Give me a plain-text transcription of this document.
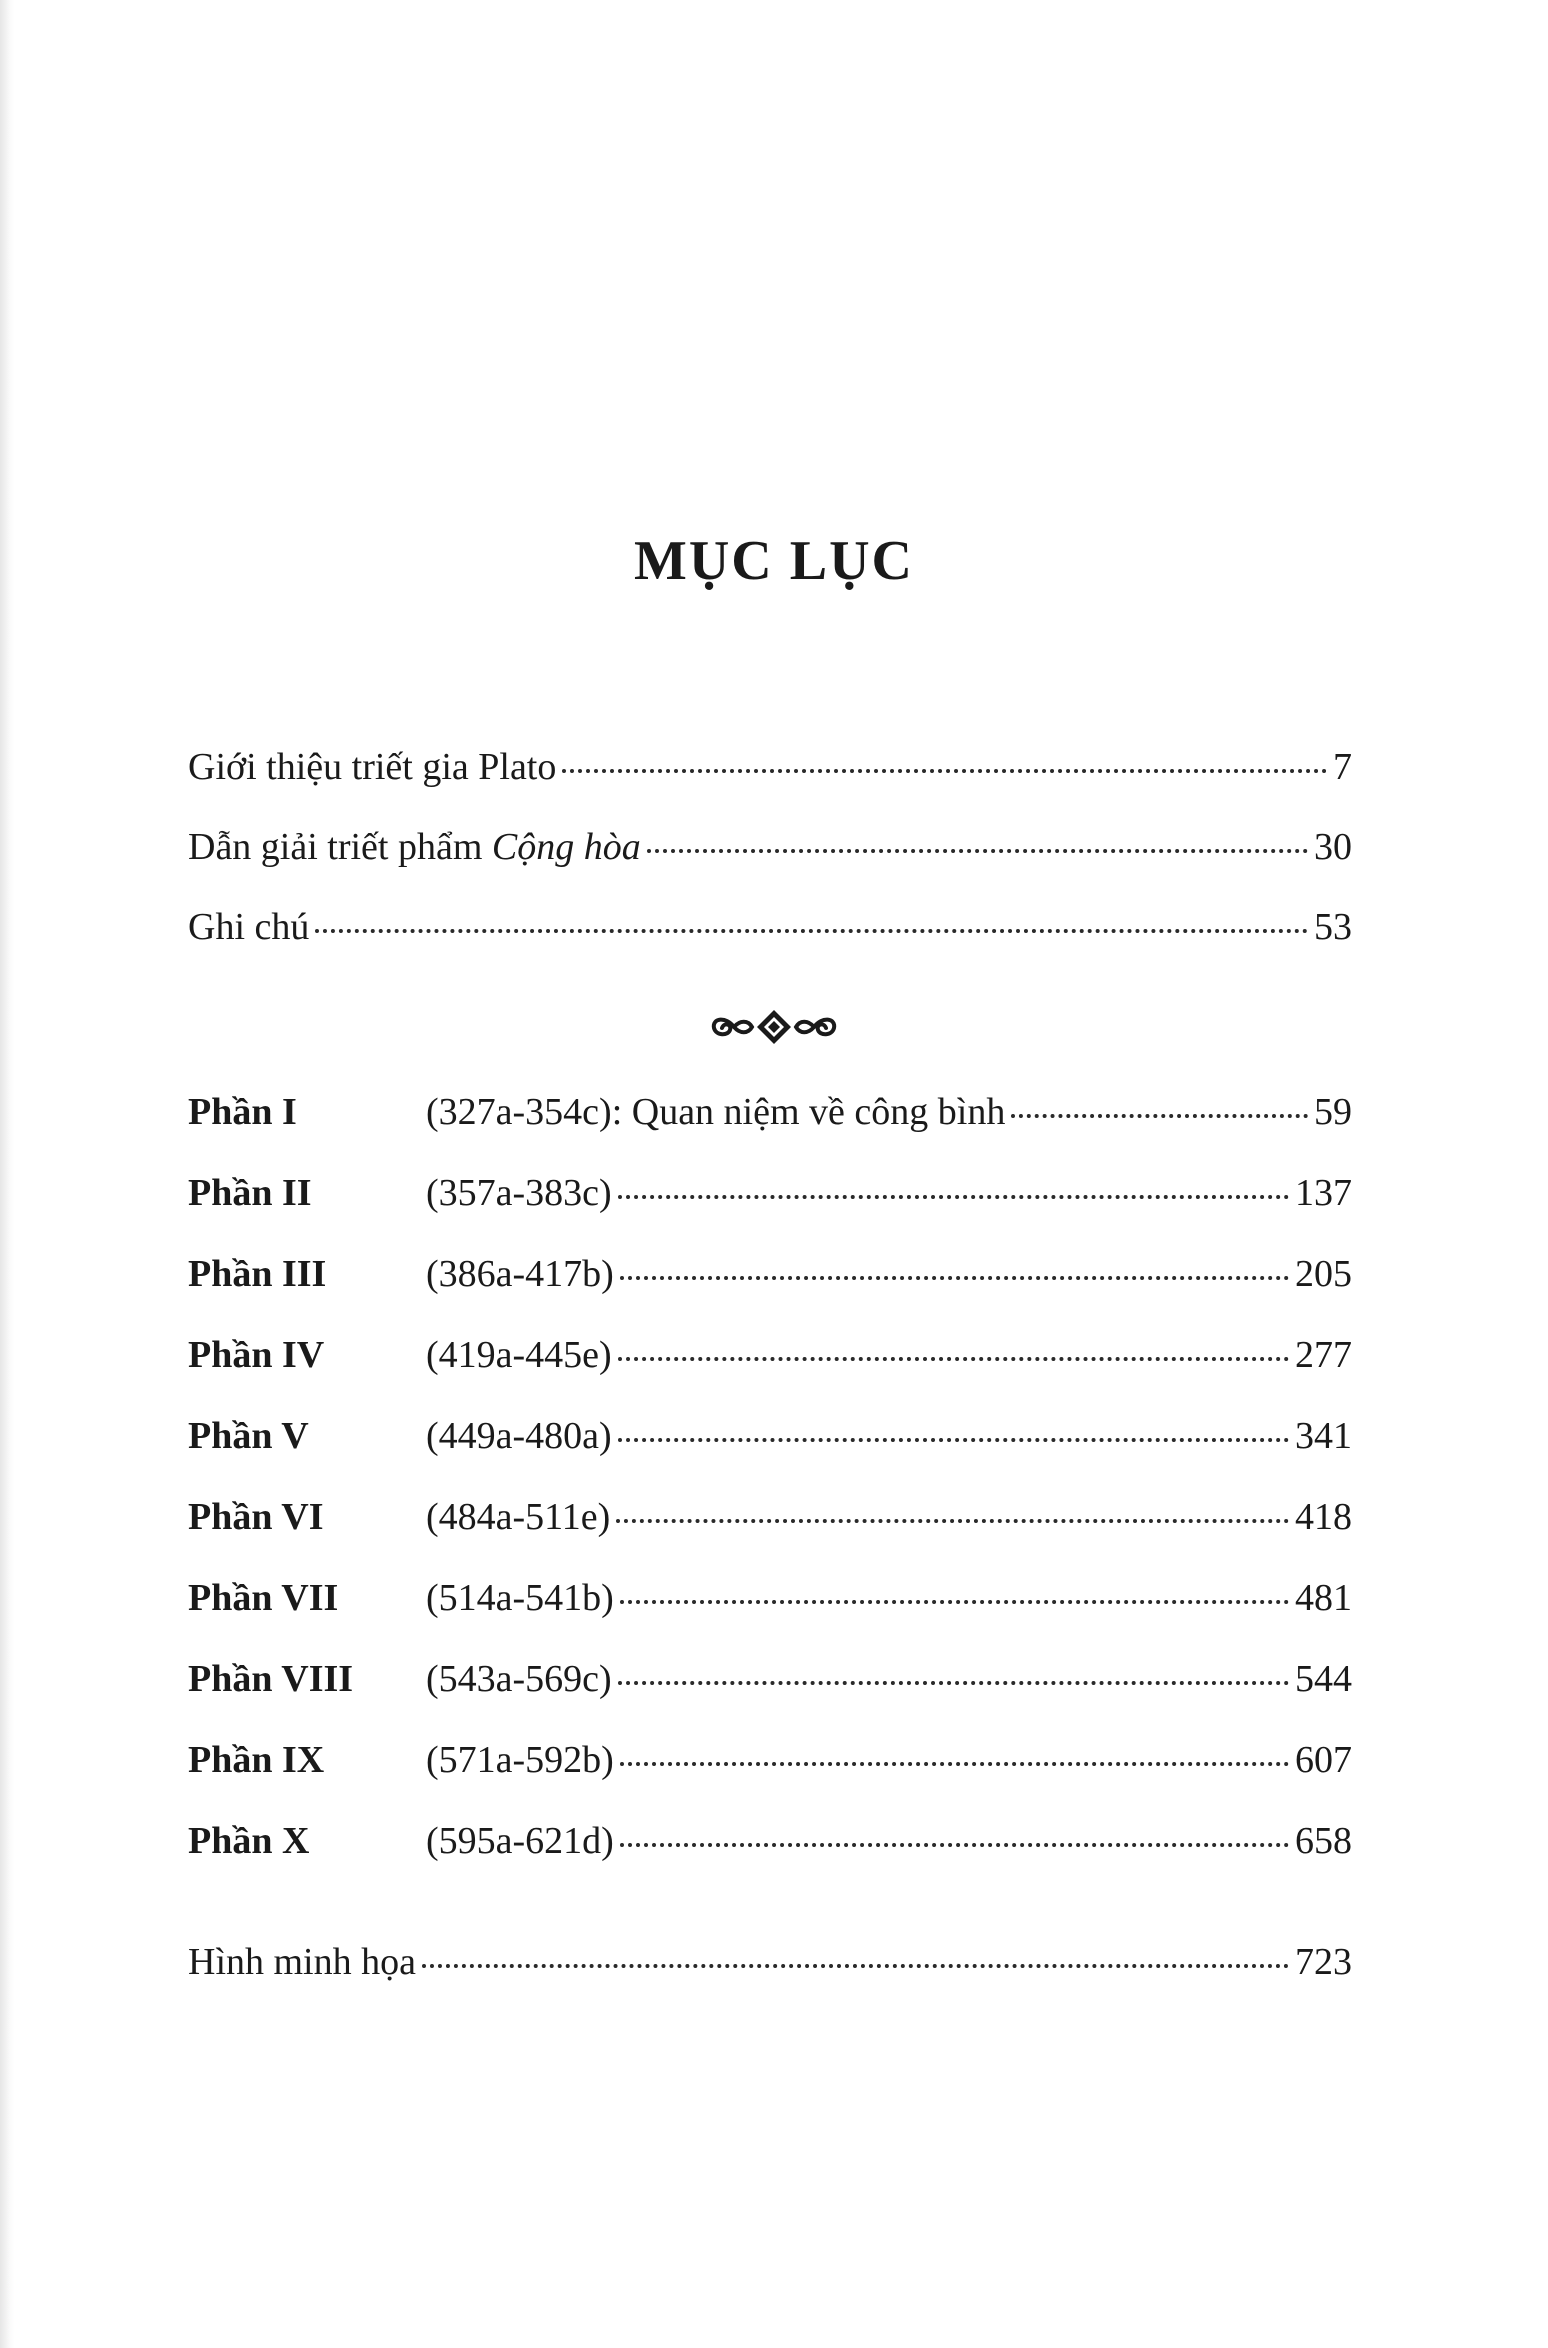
MỤC LỤC
Giới thiệu triết gia Plato	7
Dẫn giải triết phẩm Cộng hòa	30
Ghi chú	53
Phần I	(327a-354c): Quan niệm về công bình	59
Phần II	(357a-383c)	137
Phần III	(386a-417b)	205
Phần IV	(419a-445e)	277
Phần V	(449a-480a)	341
Phần VI	(484a-511e)	418
Phần VII	(514a-541b)	481
Phần VIII	(543a-569c)	544
Phần IX	(571a-592b)	607
Phần X	(595a-621d)	658
Hình minh họa	723
